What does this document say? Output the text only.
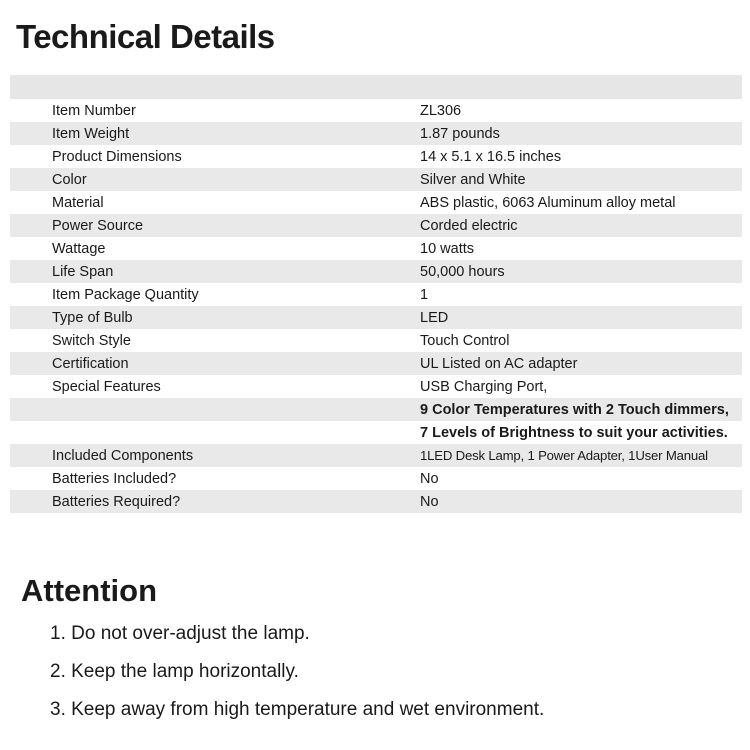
Technical Details
Item Number	ZL306
Item Weight	1.87 pounds
Product Dimensions	14 x 5.1 x 16.5 inches
Color	Silver and White
Material	ABS plastic, 6063 Aluminum alloy metal
Power Source	Corded electric
Wattage	10 watts
Life Span	50,000 hours
Item Package Quantity	1
Type of Bulb	LED
Switch Style	Touch Control
Certification	UL Listed on AC adapter
Special Features	USB Charging Port,
9 Color Temperatures with 2 Touch dimmers,
7 Levels of Brightness to suit your activities.
Included Components	1LED Desk Lamp, 1 Power Adapter, 1User Manual
Batteries Included?	No
Batteries Required?	No
Attention
1. Do not over-adjust the lamp.
2. Keep the lamp horizontally.
3. Keep away from high temperature and wet environment.
